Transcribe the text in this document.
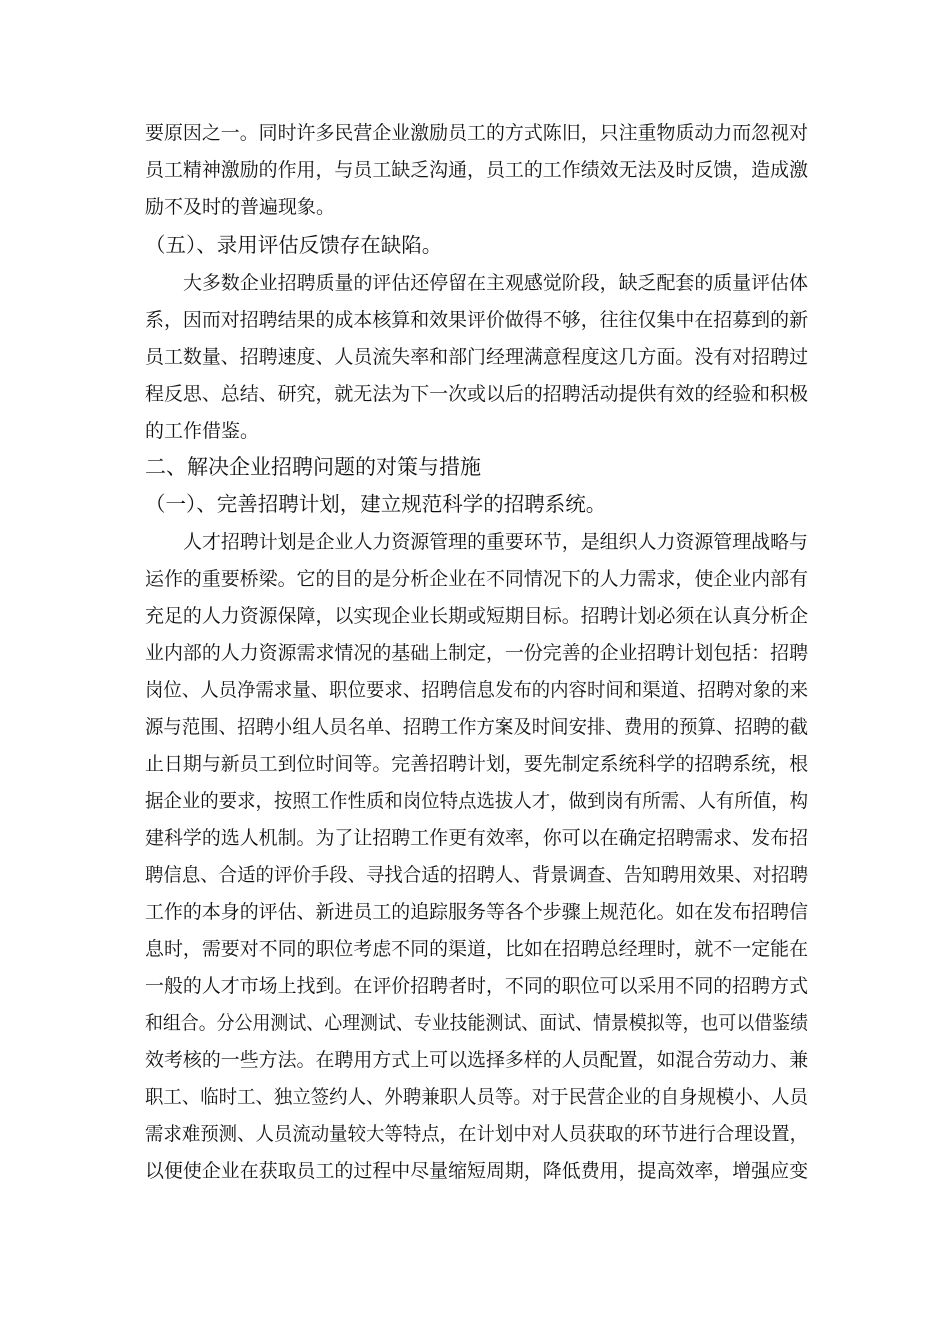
要原因之一。同时许多民营企业激励员工的方式陈旧，只注重物质动力而忽视对
员工精神激励的作用，与员工缺乏沟通，员工的工作绩效无法及时反馈，造成激
励不及时的普遍现象。
（五）、录用评估反馈存在缺陷。
大多数企业招聘质量的评估还停留在主观感觉阶段，缺乏配套的质量评估体
系，因而对招聘结果的成本核算和效果评价做得不够，往往仅集中在招募到的新
员工数量、招聘速度、人员流失率和部门经理满意程度这几方面。没有对招聘过
程反思、总结、研究，就无法为下一次或以后的招聘活动提供有效的经验和积极
的工作借鉴。
二、解决企业招聘问题的对策与措施
（一）、完善招聘计划，建立规范科学的招聘系统。
人才招聘计划是企业人力资源管理的重要环节，是组织人力资源管理战略与
运作的重要桥梁。它的目的是分析企业在不同情况下的人力需求，使企业内部有
充足的人力资源保障，以实现企业长期或短期目标。招聘计划必须在认真分析企
业内部的人力资源需求情况的基础上制定，一份完善的企业招聘计划包括：招聘
岗位、人员净需求量、职位要求、招聘信息发布的内容时间和渠道、招聘对象的来
源与范围、招聘小组人员名单、招聘工作方案及时间安排、费用的预算、招聘的截
止日期与新员工到位时间等。完善招聘计划，要先制定系统科学的招聘系统，根
据企业的要求，按照工作性质和岗位特点选拔人才，做到岗有所需、人有所值，构
建科学的选人机制。为了让招聘工作更有效率，你可以在确定招聘需求、发布招
聘信息、合适的评价手段、寻找合适的招聘人、背景调查、告知聘用效果、对招聘
工作的本身的评估、新进员工的追踪服务等各个步骤上规范化。如在发布招聘信
息时，需要对不同的职位考虑不同的渠道，比如在招聘总经理时，就不一定能在
一般的人才市场上找到。在评价招聘者时，不同的职位可以采用不同的招聘方式
和组合。分公用测试、心理测试、专业技能测试、面试、情景模拟等，也可以借鉴绩
效考核的一些方法。在聘用方式上可以选择多样的人员配置，如混合劳动力、兼
职工、临时工、独立签约人、外聘兼职人员等。对于民营企业的自身规模小、人员
需求难预测、人员流动量较大等特点，在计划中对人员获取的环节进行合理设置，
以便使企业在获取员工的过程中尽量缩短周期，降低费用，提高效率，增强应变
